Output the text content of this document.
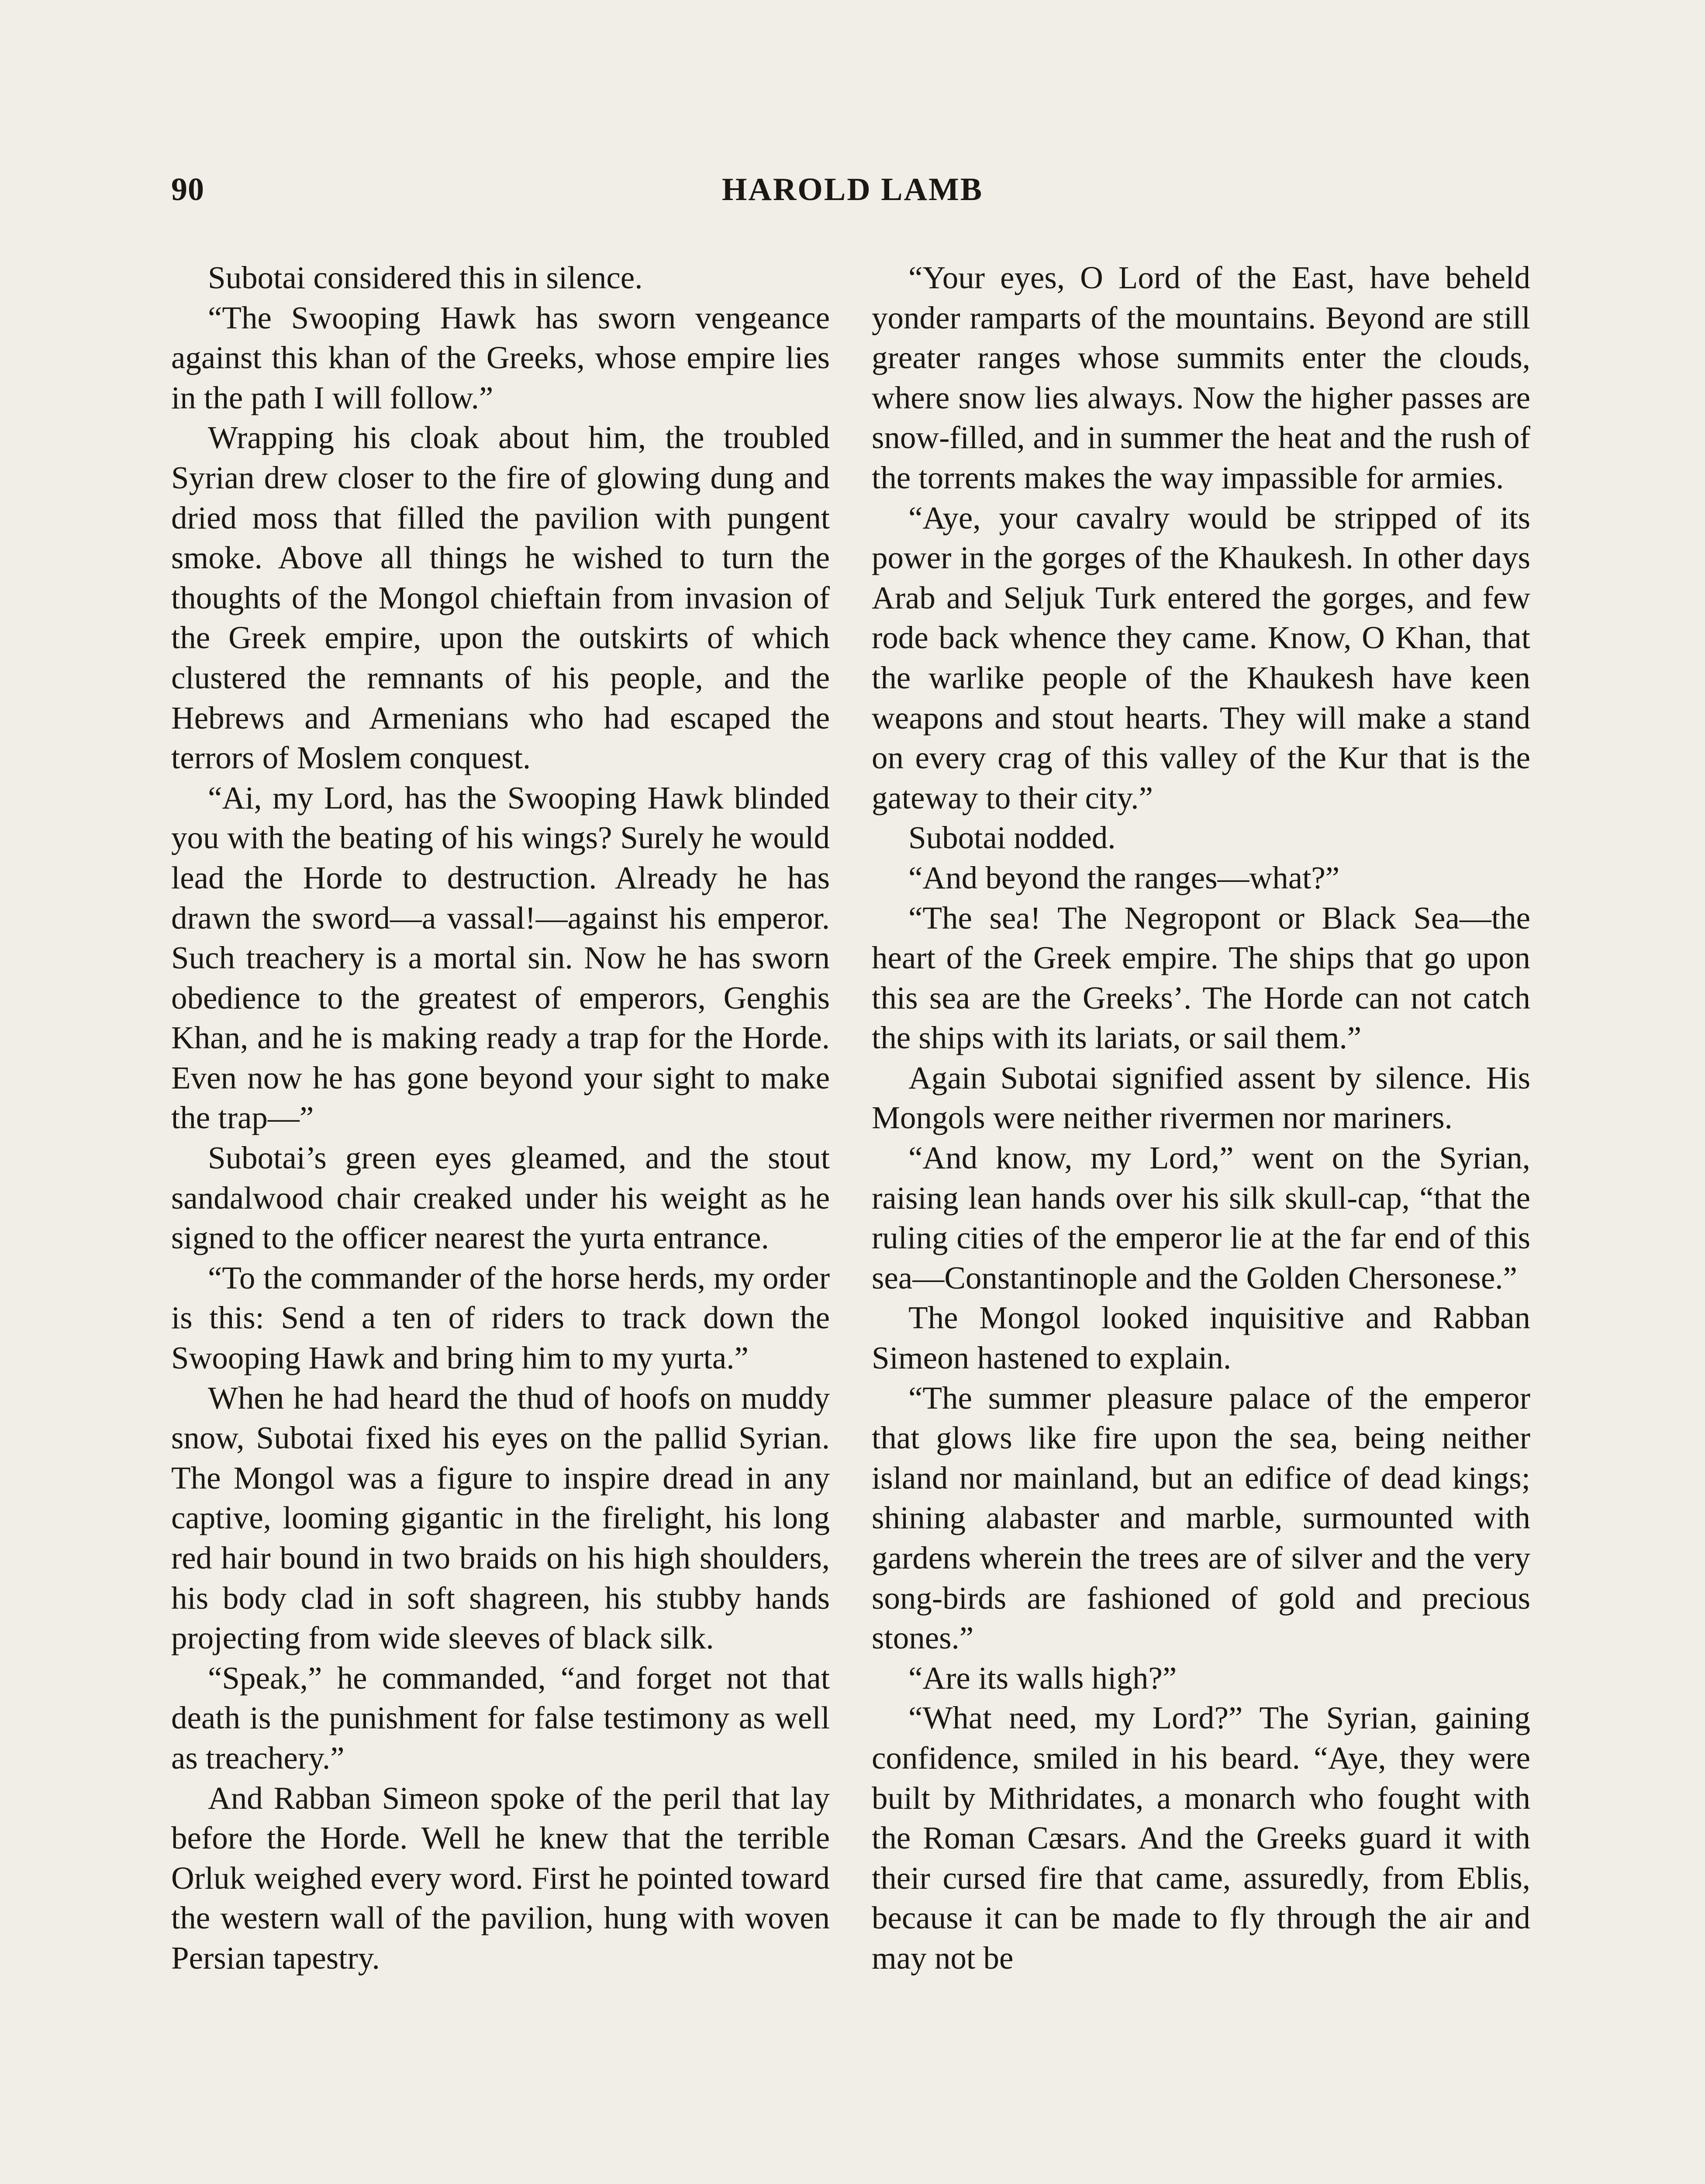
90	HAROLD LAMB

Subotai considered this in silence.

“The Swooping Hawk has sworn vengeance against this khan of the Greeks, whose empire lies in the path I will follow.”

Wrapping his cloak about him, the troubled Syrian drew closer to the fire of glowing dung and dried moss that filled the pavilion with pungent smoke. Above all things he wished to turn the thoughts of the Mongol chieftain from invasion of the Greek empire, upon the outskirts of which clustered the remnants of his people, and the Hebrews and Armenians who had escaped the terrors of Moslem conquest.

“Ai, my Lord, has the Swooping Hawk blinded you with the beating of his wings? Surely he would lead the Horde to destruction. Already he has drawn the sword—a vassal!—against his emperor. Such treachery is a mortal sin. Now he has sworn obedience to the greatest of emperors, Genghis Khan, and he is making ready a trap for the Horde. Even now he has gone beyond your sight to make the trap—”

Subotai’s green eyes gleamed, and the stout sandalwood chair creaked under his weight as he signed to the officer nearest the yurta entrance.

“To the commander of the horse herds, my order is this: Send a ten of riders to track down the Swooping Hawk and bring him to my yurta.”

When he had heard the thud of hoofs on muddy snow, Subotai fixed his eyes on the pallid Syrian. The Mongol was a figure to inspire dread in any captive, looming gigantic in the firelight, his long red hair bound in two braids on his high shoulders, his body clad in soft shagreen, his stubby hands projecting from wide sleeves of black silk.

“Speak,” he commanded, “and forget not that death is the punishment for false testimony as well as treachery.”

And Rabban Simeon spoke of the peril that lay before the Horde. Well he knew that the terrible Orluk weighed every word. First he pointed toward the western wall of the pavilion, hung with woven Persian tapestry.

“Your eyes, O Lord of the East, have beheld yonder ramparts of the mountains. Beyond are still greater ranges whose summits enter the clouds, where snow lies always. Now the higher passes are snow-filled, and in summer the heat and the rush of the torrents makes the way impassible for armies.

“Aye, your cavalry would be stripped of its power in the gorges of the Khaukesh. In other days Arab and Seljuk Turk entered the gorges, and few rode back whence they came. Know, O Khan, that the warlike people of the Khaukesh have keen weapons and stout hearts. They will make a stand on every crag of this valley of the Kur that is the gateway to their city.”

Subotai nodded.

“And beyond the ranges—what?”

“The sea! The Negropont or Black Sea—the heart of the Greek empire. The ships that go upon this sea are the Greeks’. The Horde can not catch the ships with its lariats, or sail them.”

Again Subotai signified assent by silence. His Mongols were neither rivermen nor mariners.

“And know, my Lord,” went on the Syrian, raising lean hands over his silk skull-cap, “that the ruling cities of the emperor lie at the far end of this sea—Constantinople and the Golden Chersonese.”

The Mongol looked inquisitive and Rabban Simeon hastened to explain.

“The summer pleasure palace of the emperor that glows like fire upon the sea, being neither island nor mainland, but an edifice of dead kings; shining alabaster and marble, surmounted with gardens wherein the trees are of silver and the very song-birds are fashioned of gold and precious stones.”

“Are its walls high?”

“What need, my Lord?” The Syrian, gaining confidence, smiled in his beard. “Aye, they were built by Mithridates, a monarch who fought with the Roman Cæsars. And the Greeks guard it with their cursed fire that came, assuredly, from Eblis, because it can be made to fly through the air and may not be
